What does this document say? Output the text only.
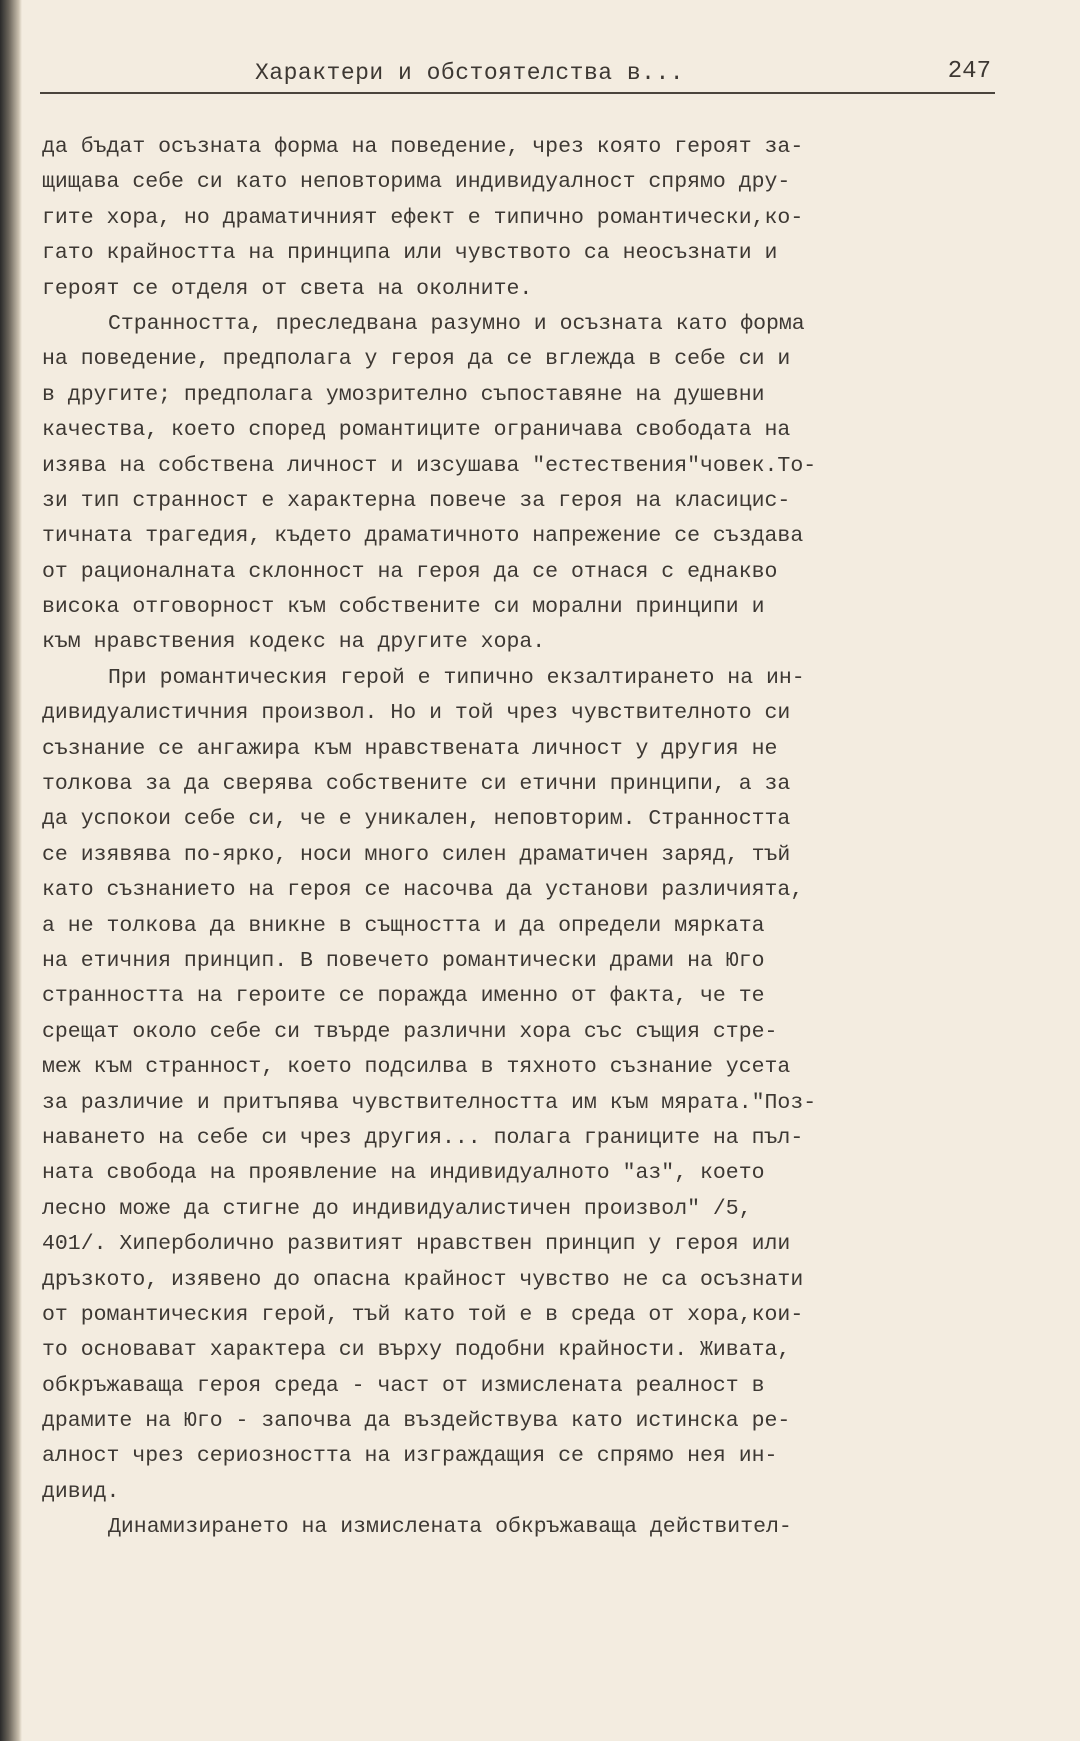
Характери и обстоятелства в...	247
да бъдат осъзната форма на поведение, чрез която героят за-
щищава себе си като неповторима индивидуалност спрямо дру-
гите хора, но драматичният ефект е типично романтически,ко-
гато крайността на принципа или чувството са неосъзнати и
героят се отделя от света на околните.
Странността, преследвана разумно и осъзната като форма
на поведение, предполага у героя да се вглежда в себе си и
в другите; предполага умозрително съпоставяне на душевни
качества, което според романтиците ограничава свободата на
изява на собствена личност и изсушава "естествения"човек.То-
зи тип странност е характерна повече за героя на класицис-
тичната трагедия, където драматичното напрежение се създава
от рационалната склонност на героя да се отнася с еднакво
висока отговорност към собствените си морални принципи и
към нравствения кодекс на другите хора.
При романтическия герой е типично екзалтирането на ин-
дивидуалистичния произвол. Но и той чрез чувствителното си
съзнание се ангажира към нравствената личност у другия не
толкова за да сверява собствените си етични принципи, а за
да успокои себе си, че е уникален, неповторим. Странността
се изявява по-ярко, носи много силен драматичен заряд, тъй
като съзнанието на героя се насочва да установи различията,
а не толкова да вникне в същността и да определи мярката
на етичния принцип. В повечето романтически драми на Юго
странността на героите се поражда именно от факта, че те
срещат около себе си твърде различни хора със същия стре-
меж към странност, което подсилва в тяхното съзнание усета
за различие и притъпява чувствителността им към мярата."Поз-
наването на себе си чрез другия... полага границите на пъл-
ната свобода на проявление на индивидуалното "аз", което
лесно може да стигне до индивидуалистичен произвол" /5,
401/. Хиперболично развитият нравствен принцип у героя или
дръзкото, изявено до опасна крайност чувство не са осъзнати
от романтическия герой, тъй като той е в среда от хора,кои-
то основават характера си върху подобни крайности. Живата,
обкръжаваща героя среда - част от измислената реалност в
драмите на Юго - започва да въздействува като истинска ре-
алност чрез сериозността на изграждащия се спрямо нея ин-
дивид.
Динамизирането на измислената обкръжаваща действител-
